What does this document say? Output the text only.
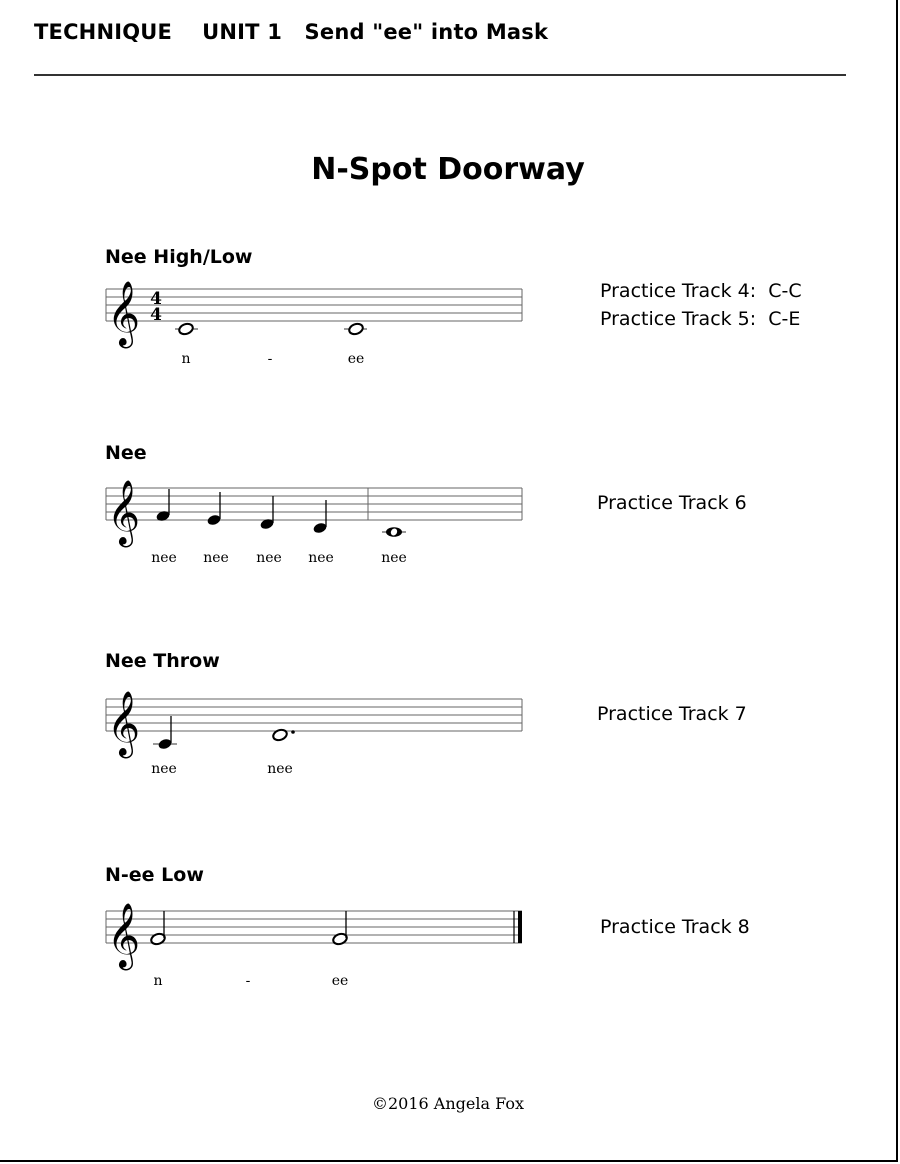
TECHNIQUE    UNIT 1   Send "ee" into Mask
N-Spot Doorway
Nee High/Low
𝄞 4
4
n	-	ee
Practice Track 4:  C-C
Practice Track 5:  C-E
Nee
𝄞
nee nee nee nee	nee
Practice Track 6
Nee Throw
𝄞
nee	nee
Practice Track 7
N-ee Low
𝄞
n	-	ee
Practice Track 8
©2016 Angela Fox
